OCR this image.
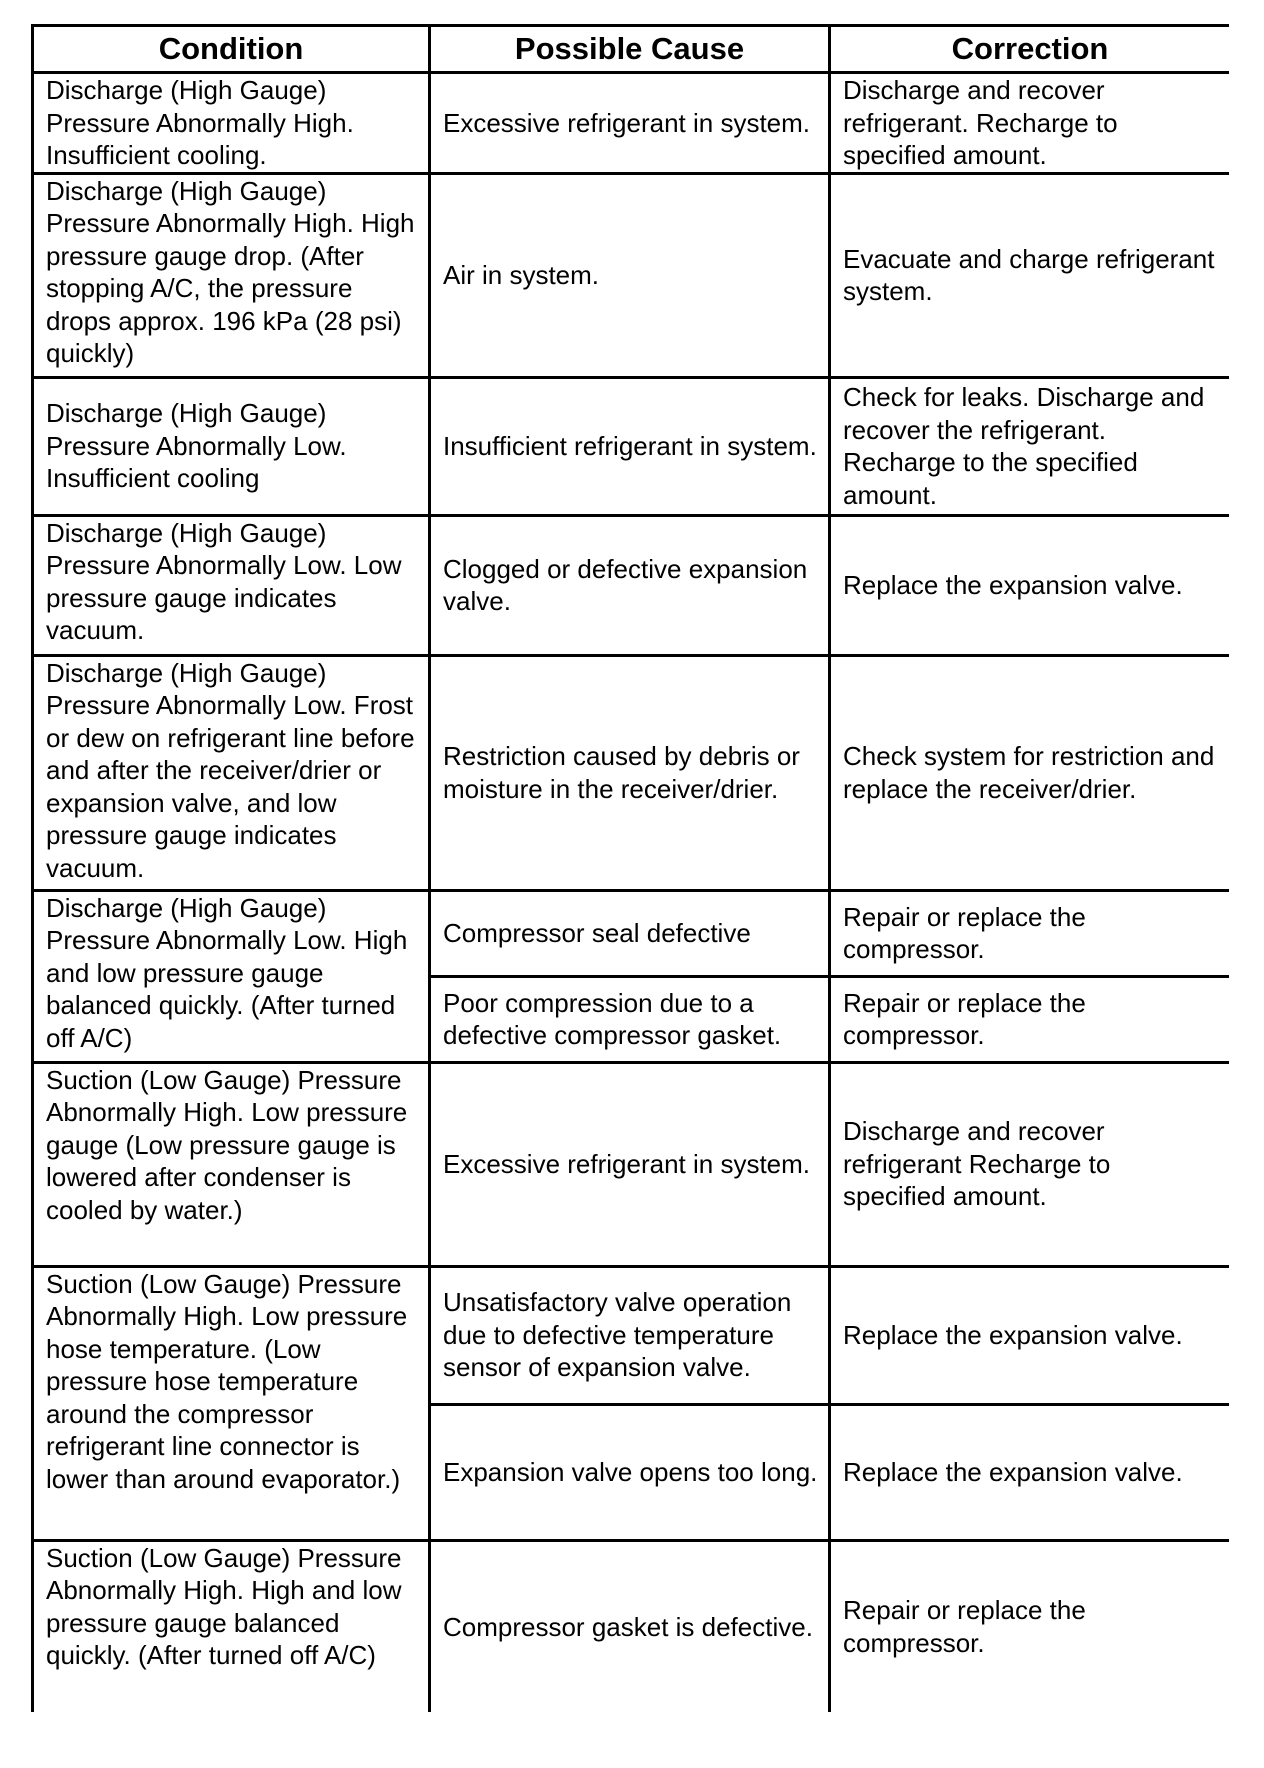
Condition	Possible Cause	Correction
Discharge (High Gauge) Pressure Abnormally High. Insufficient cooling.	Excessive refrigerant in system.	Discharge and recover refrigerant. Recharge to specified amount.
Discharge (High Gauge) Pressure Abnormally High. High pressure gauge drop. (After stopping A/C, the pressure drops approx. 196 kPa (28 psi) quickly)	Air in system.	Evacuate and charge refrigerant system.
Discharge (High Gauge) Pressure Abnormally Low. Insufficient cooling	Insufficient refrigerant in system.	Check for leaks. Discharge and recover the refrigerant. Recharge to the specified amount.
Discharge (High Gauge) Pressure Abnormally Low. Low pressure gauge indicates vacuum.	Clogged or defective expansion valve.	Replace the expansion valve.
Discharge (High Gauge) Pressure Abnormally Low. Frost or dew on refrigerant line before and after the receiver/drier or expansion valve, and low pressure gauge indicates vacuum.	Restriction caused by debris or moisture in the receiver/drier.	Check system for restriction and replace the receiver/drier.
Discharge (High Gauge) Pressure Abnormally Low. High and low pressure gauge balanced quickly. (After turned off A/C)	Compressor seal defective	Repair or replace the compressor.
	Poor compression due to a defective compressor gasket.	Repair or replace the compressor.
Suction (Low Gauge) Pressure Abnormally High. Low pressure gauge (Low pressure gauge is lowered after condenser is cooled by water.)	Excessive refrigerant in system.	Discharge and recover refrigerant Recharge to specified amount.
Suction (Low Gauge) Pressure Abnormally High. Low pressure hose temperature. (Low pressure hose temperature around the compressor refrigerant line connector is lower than around evaporator.)	Unsatisfactory valve operation due to defective temperature sensor of expansion valve.	Replace the expansion valve.
	Expansion valve opens too long.	Replace the expansion valve.
Suction (Low Gauge) Pressure Abnormally High. High and low pressure gauge balanced quickly. (After turned off A/C)	Compressor gasket is defective.	Repair or replace the compressor.
